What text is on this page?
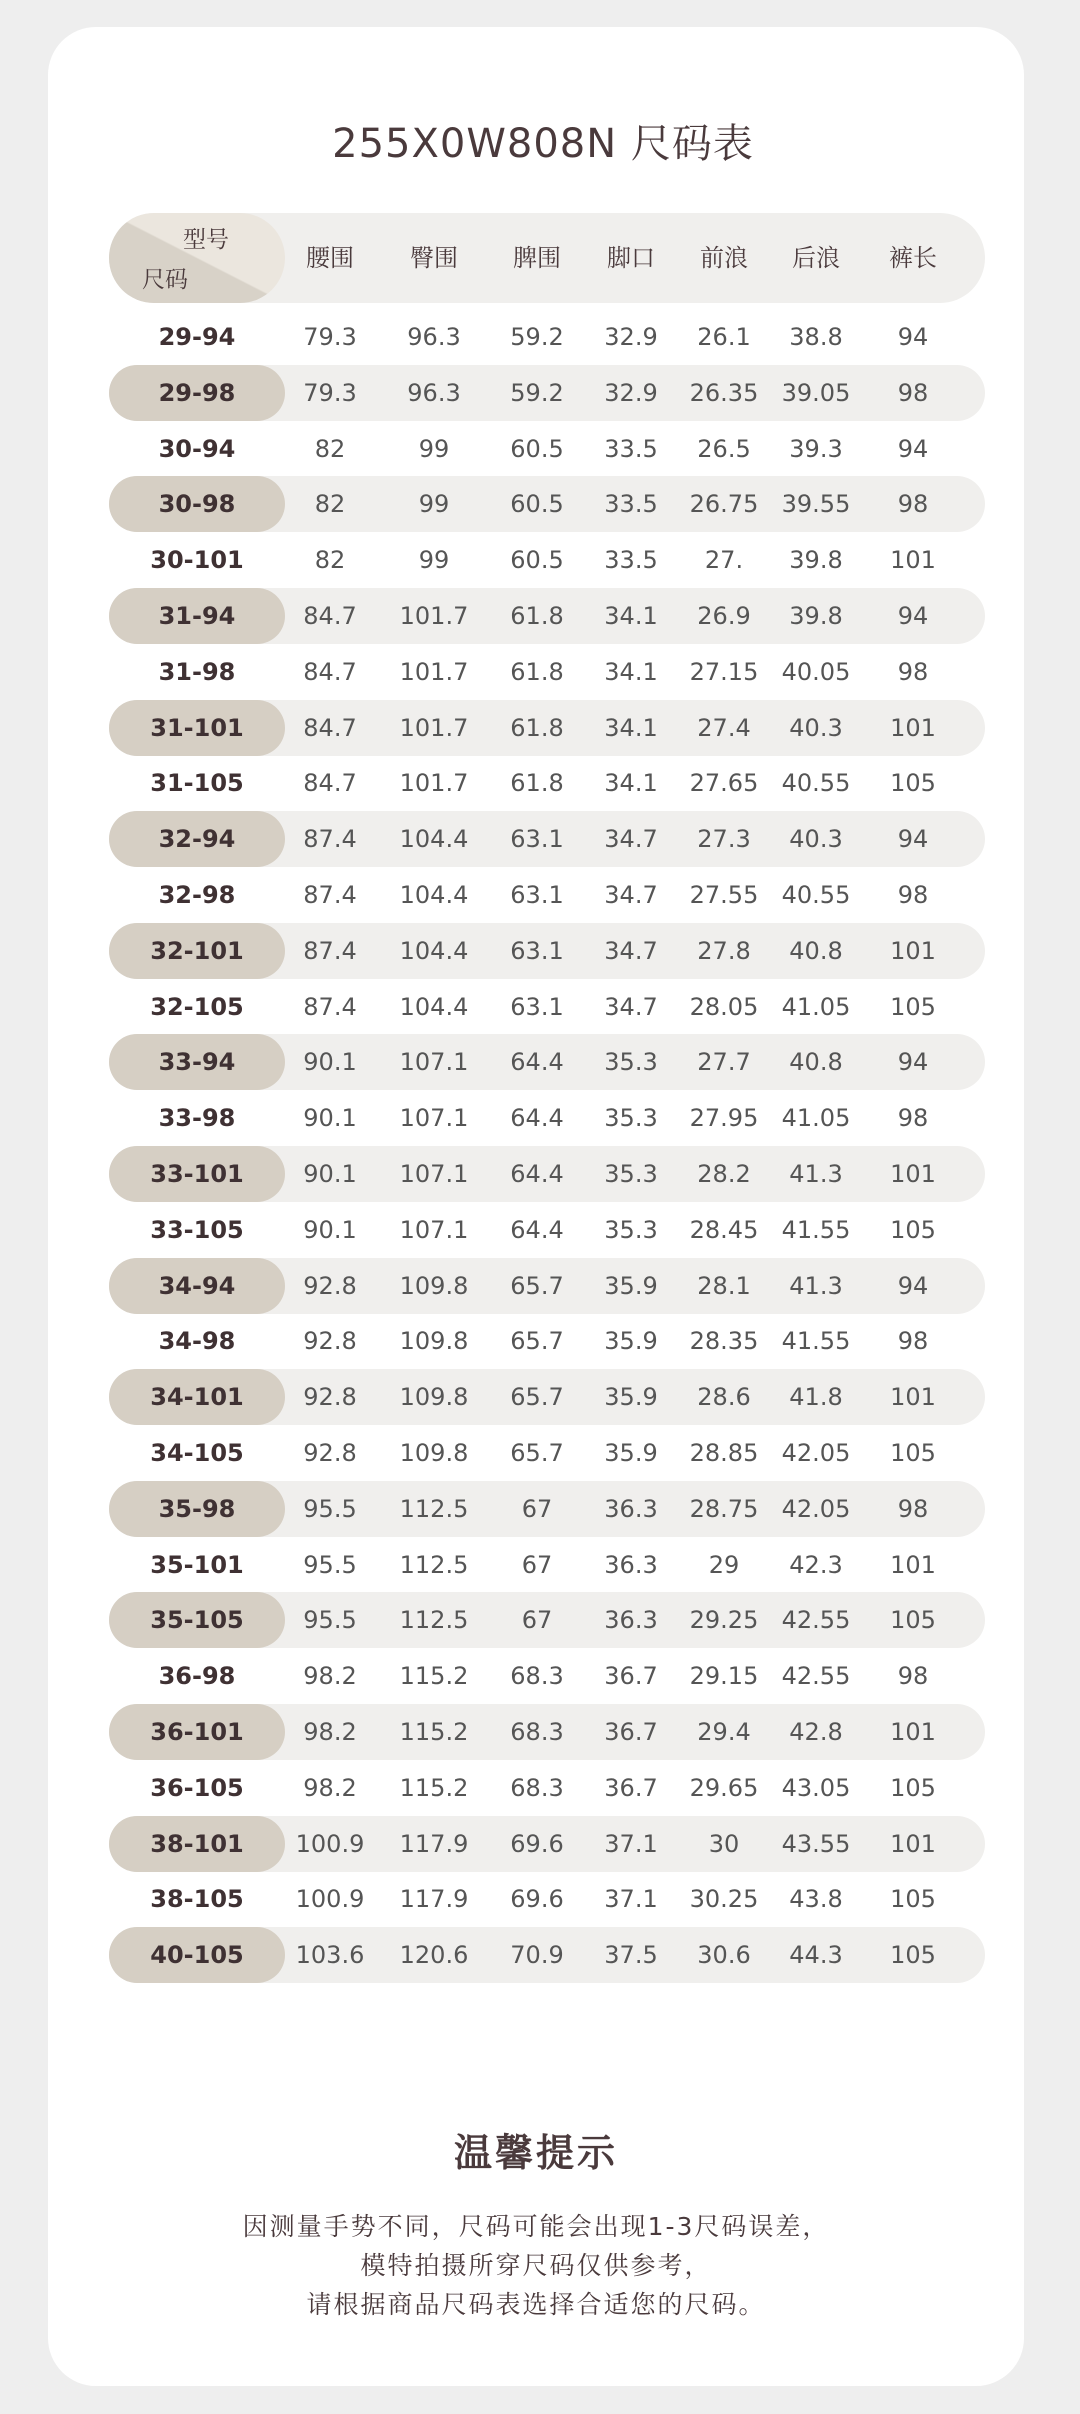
255X0W808N 尺码表
型号
尺码
腰围 臀围 脾围 脚口 前浪 后浪 裤长
29-94	79.3 96.3 59.2 32.9 26.1 38.8 94
29-98	79.3 96.3 59.2 32.9 26.35 39.05 98
30-94	82	99	60.5 33.5 26.5 39.3 94
30-98	82	99	60.5 33.5 26.75 39.55 98
30-101	82	99	60.5 33.5 27. 39.8 101
31-94	84.7 101.7 61.8 34.1 26.9 39.8 94
31-98	84.7 101.7 61.8 34.1 27.15 40.05 98
31-101	84.7 101.7 61.8 34.1 27.4 40.3 101
31-105	84.7 101.7 61.8 34.1 27.65 40.55 105
32-94	87.4 104.4 63.1 34.7 27.3 40.3 94
32-98	87.4 104.4 63.1 34.7 27.55 40.55 98
32-101	87.4 104.4 63.1 34.7 27.8 40.8 101
32-105	87.4 104.4 63.1 34.7 28.05 41.05 105
33-94	90.1 107.1 64.4 35.3 27.7 40.8 94
33-98	90.1 107.1 64.4 35.3 27.95 41.05 98
33-101	90.1 107.1 64.4 35.3 28.2 41.3 101
33-105	90.1 107.1 64.4 35.3 28.45 41.55 105
34-94	92.8 109.8 65.7 35.9 28.1 41.3 94
34-98	92.8 109.8 65.7 35.9 28.35 41.55 98
34-101	92.8 109.8 65.7 35.9 28.6 41.8 101
34-105	92.8 109.8 65.7 35.9 28.85 42.05 105
35-98	95.5 112.5 67 36.3 28.75 42.05 98
35-101	95.5 112.5 67 36.3 29 42.3 101
35-105	95.5 112.5 67 36.3 29.25 42.55 105
36-98	98.2 115.2 68.3 36.7 29.15 42.55 98
36-101	98.2 115.2 68.3 36.7 29.4 42.8 101
36-105	98.2 115.2 68.3 36.7 29.65 43.05 105
38-101	100.9 117.9 69.6 37.1 30 43.55 101
38-105	100.9 117.9 69.6 37.1 30.25 43.8 105
40-105	103.6 120.6 70.9 37.5 30.6 44.3 105
温馨提示
因测量手势不同，尺码可能会出现1-3尺码误差，
模特拍摄所穿尺码仅供参考，
请根据商品尺码表选择合适您的尺码。
